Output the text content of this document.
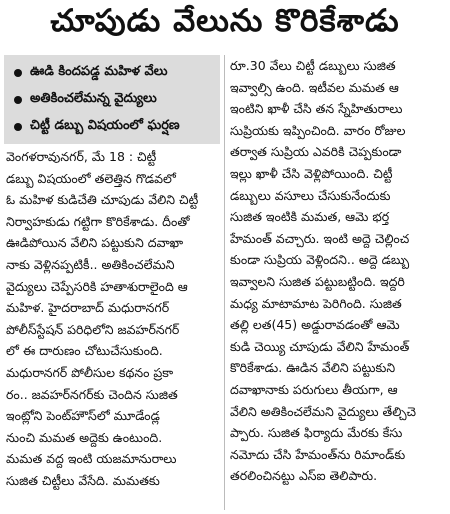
చూపుడు వేలును కొరికేశాడు
ఊడి కిందపడ్డ మహిళ వేలు
అతికించలేమన్న వైద్యులు
చిట్టీ డబ్బు విషయంలో ఘర్షణ
వెంగళరావునగర్, మే 18 : చిట్టీ
డబ్బు విషయంలో తలెత్తిన గొడవలో
ఓ మహిళ కుడిచేతి చూపుడు వేలిని చిట్టీ
నిర్వాహకుడు గట్టిగా కొరికేశాడు. దీంతో
ఊడిపోయిన వేలిని పట్టుకుని దవాఖా
నాకు వెళ్లినప్పటికీ.. అతికించలేమని
వైద్యులు చెప్పేసరికి హతాశురాలైంది ఆ
మహిళ. హైదరాబాద్ మధురానగర్
పోలీస్‌స్టేషన్ పరిధిలోని జవహర్‌నగర్
లో ఈ దారుణం చోటుచేసుకుంది.
మధురానగర్ పోలీసుల కథనం ప్రకా
రం.. జవహర్‌నగర్‌కు చెందిన సుజిత
ఇంట్లోని పెంట్‌హౌస్‌లో మూడేండ్ల
నుంచి మమత అద్దెకు ఉంటుంది.
మమత వద్ద ఇంటి యజమానురాలు
సుజిత చిట్టీలు వేసేది. మమతకు
రూ.30 వేలు చిట్టీ డబ్బులు సుజిత
ఇవ్వాల్సి ఉంది. ఇటీవల మమత ఆ
ఇంటిని ఖాళీ చేసి తన స్నేహితురాలు
సుప్రియకు ఇప్పించింది. వారం రోజుల
తర్వాత సుప్రియ ఎవరికి చెప్పకుండా
ఇల్లు ఖాళీ చేసి వెళ్లిపోయింది. చిట్టీ
డబ్బులు వసూలు చేసుకునేందుకు
సుజిత ఇంటికి మమత, ఆమె భర్త
హేమంత్ వచ్చారు. ఇంటి అద్దె చెల్లించ
కుండా సుప్రియ వెళ్లిందని.. అద్దె డబ్బు
ఇవ్వాలని సుజిత పట్టుబట్టింది. ఇద్దరి
మధ్య మాటామాట పెరిగింది. సుజిత
తల్లి లత(45) అడ్డురావడంతో ఆమె
కుడి చెయ్యి చూపుడు వేలిని హేమంత్
కొరికేశాడు. ఊడిన వేలిని పట్టుకుని
దవాఖానాకు పరుగులు తీయగా, ఆ
వేలిని అతికించలేమని వైద్యులు తేల్చిచె
ప్పారు. సుజిత ఫిర్యాదు మేరకు కేసు
నమోదు చేసి హేమంత్‌ను రిమాండ్‌కు
తరలించినట్టు ఎస్‌ఐ తెలిపారు.
